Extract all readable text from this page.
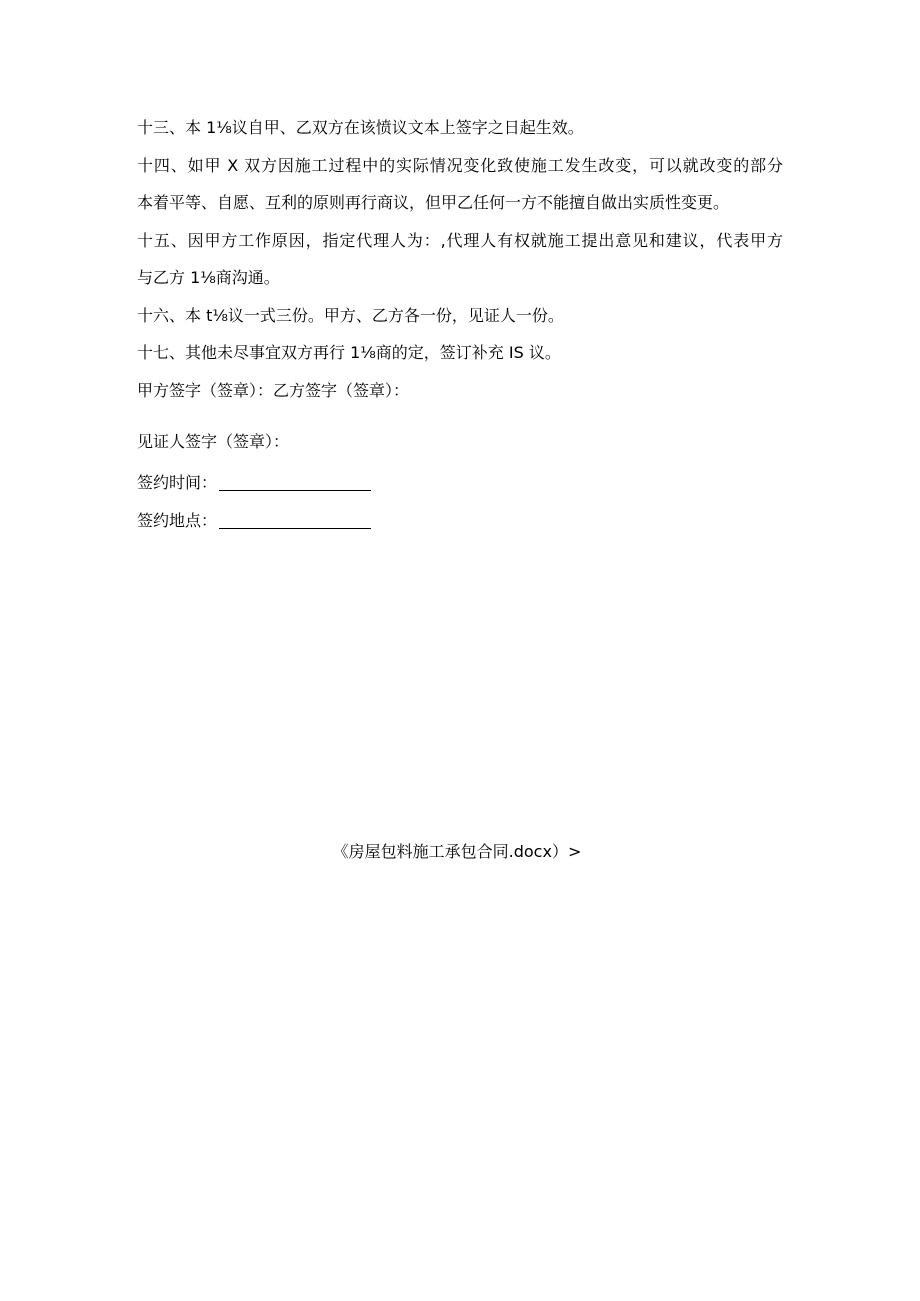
十三、本 1⅛议自甲、乙双方在该愤议文本上签字之日起生效。
十四、如甲 X 双方因施工过程中的实际情况变化致使施工发生改变，可以就改变的部分
本着平等、自愿、互利的原则再行商议，但甲乙任何一方不能擅自做出实质性变更。
十五、因甲方工作原因，指定代理人为：,代理人有权就施工提出意见和建议，代表甲方
与乙方 1⅛商沟通。
十六、本 t⅛议一式三份。甲方、乙方各一份，见证人一份。
十七、其他未尽事宜双方再行 1⅛商的定，签订补充 IS 议。
甲方签字（签章）：乙方签字（签章）：
见证人签字（签章）：
签约时间：
签约地点：
《房屋包料施工承包合同.docx）>
